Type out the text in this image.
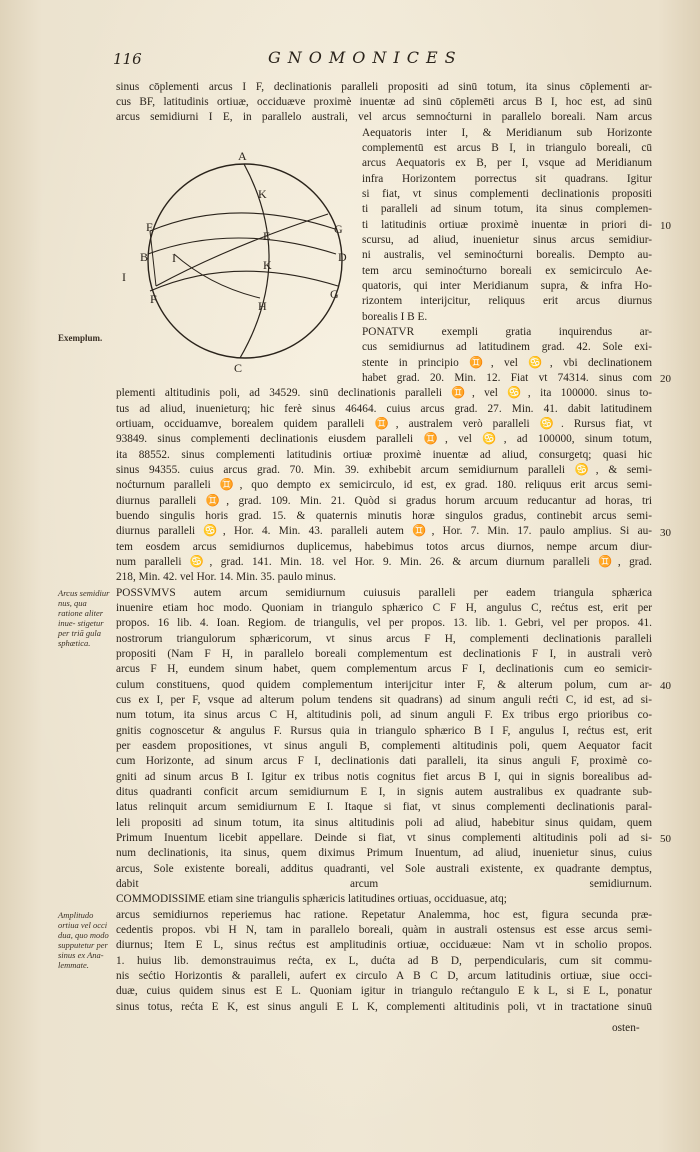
116	GNOMONICES
A
K
F	G
E
B I	D
K
I
F	G
H
C
sinus cōplementi arcus I F, declinationis paralleli propositi ad sinū totum, ita sinus cōplementi ar-
cus BF, latitudinis ortiuæ, occiduæve proximè inuentæ ad sinū cōplemēti arcus B I, hoc est, ad sinū
arcus semidiurni I E, in parallelo australi, vel arcus semnoćturni in parallelo boreali. Nam arcus
Aequatoris inter I, & Meridianum sub Horizonte
complementū est arcus B I, in triangulo boreali, cū
arcus Aequatoris ex B, per I, vsque ad Meridianum
infra Horizontem porrectus sit quadrans. Igitur
si fiat, vt sinus complementi declinationis propositi
ti paralleli ad sinum totum, ita sinus complemen-
ti latitudinis ortiuæ proximè inuentæ in priori di-
scursu, ad aliud, inuenietur sinus arcus semidiur-
ni australis, vel seminoćturni borealis. Dempto au-
tem arcu seminoćturno boreali ex semicirculo Ae-
quatoris, qui inter Meridianum supra, & infra Ho-
rizontem interijcitur, reliquus erit arcus diurnus
borealis I B E.
PONATVR exempli gratia inquirendus ar-
cus semidiurnus ad latitudinem grad. 42. Sole exi-
stente in principio ♊, vel ♋, vbi declinationem
habet grad. 20. Min. 12. Fiat vt 74314. sinus com
plementi altitudinis poli, ad 34529. sinū declinationis paralleli ♊, vel ♋, ita 100000. sinus to-
tus ad aliud, inuenieturq; hic ferè sinus 46464. cuius arcus grad. 27. Min. 41. dabit latitudinem
ortiuam, occiduamve, borealem quidem paralleli ♊, australem verò paralleli ♋. Rursus fiat, vt
93849. sinus complementi declinationis eiusdem paralleli ♊, vel ♋, ad 100000, sinum totum,
ita 88552. sinus complementi latitudinis ortiuæ proximè inuentæ ad aliud, consurgetq; quasi hic
sinus 94355. cuius arcus grad. 70. Min. 39. exhibebit arcum semidiurnum paralleli ♋, & semi-
noćturnum paralleli ♊, quo dempto ex semicirculo, id est, ex grad. 180. reliquus erit arcus semi-
diurnus paralleli ♊, grad. 109. Min. 21. Quòd si gradus horum arcuum reducantur ad horas, tri
buendo singulis horis grad. 15. & quaternis minutis horæ singulos gradus, continebit arcus semi-
diurnus paralleli ♋, Hor. 4. Min. 43. paralleli autem ♊, Hor. 7. Min. 17. paulo amplius. Si au-
tem eosdem arcus semidiurnos duplicemus, habebimus totos arcus diurnos, nempe arcum diur-
num paralleli ♋, grad. 141. Min. 18. vel Hor. 9. Min. 26. & arcum diurnum paralleli ♊, grad.
218, Min. 42. vel Hor. 14. Min. 35. paulo minus.
POSSVMVS autem arcum semidiurnum cuiusuis paralleli per eadem triangula sphærica
inuenire etiam hoc modo. Quoniam in triangulo sphærico C F H, angulus C, rećtus est, erit per
propos. 16 lib. 4. Ioan. Regiom. de triangulis, vel per propos. 13. lib. 1. Gebri, vel per propos. 41.
nostrorum triangulorum sphæricorum, vt sinus arcus F H, complementi declinationis paralleli
propositi (Nam F H, in parallelo boreali complementum est declinationis F I, in australi verò
arcus F H, eundem sinum habet, quem complementum arcus F I, declinationis cum eo semicir-
culum constituens, quod quidem complementum interijcitur inter F, & alterum polum, cum ar-
cus ex I, per F, vsque ad alterum polum tendens sit quadrans) ad sinum anguli rećti C, id est, ad si-
num totum, ita sinus arcus C H, altitudinis poli, ad sinum anguli F. Ex tribus ergo prioribus co-
gnitis cognoscetur & angulus F. Rursus quia in triangulo sphærico B I F, angulus I, rećtus est, erit
per easdem propositiones, vt sinus anguli B, complementi altitudinis poli, quem Aequator facit
cum Horizonte, ad sinum arcus F I, declinationis dati paralleli, ita sinus anguli F, proximè co-
gniti ad sinum arcus B I. Igitur ex tribus notis cognitus fiet arcus B I, qui in signis borealibus ad-
ditus quadranti conficit arcum semidiurnum E I, in signis autem australibus ex quadrante sub-
latus relinquit arcum semidiurnum E I. Itaque si fiat, vt sinus complementi declinationis paral-
leli propositi ad sinum totum, ita sinus altitudinis poli ad aliud, habebitur sinus quidam, quem
Primum Inuentum licebit appellare. Deinde si fiat, vt sinus complementi altitudinis poli ad si-
num declinationis, ita sinus, quem diximus Primum Inuentum, ad aliud, inuenietur sinus, cuius
arcus, Sole existente boreali, additus quadranti, vel Sole australi existente, ex quadrante demptus,
dabit arcum semidiurnum.
COMMODISSIME etiam sine triangulis sphæricis latitudines ortiuas, occiduasue, atq;
arcus semidiurnos reperiemus hac ratione. Repetatur Analemma, hoc est, figura secunda præ-
cedentis propos. vbi H N, tam in parallelo boreali, quàm in australi ostensus est esse arcus semi-
diurnus; Item E L, sinus rećtus est amplitudinis ortiuæ, occiduæue: Nam vt in scholio propos.
1. huius lib. demonstrauimus rećta, ex L, dućta ad B D, perpendicularis, cum sit commu-
nis sećtio Horizontis & paralleli, aufert ex circulo A B C D, arcum latitudinis ortiuæ, siue occi-
duæ, cuius quidem sinus est E L. Quoniam igitur in triangulo rećtangulo E k L, si E L, ponatur
sinus totus, rećta E K, est sinus anguli E L K, complementi altitudinis poli, vt in tractatione sinuū
osten-
10
20
30
40
50
Exemplum.
Arcus semidiur nus, qua ratione aliter inue- stigetur per triā gula sphætica.
Amplitudo ortiua vel occi dua, quo modo supputetur per sinus ex Ana- lemmate.
